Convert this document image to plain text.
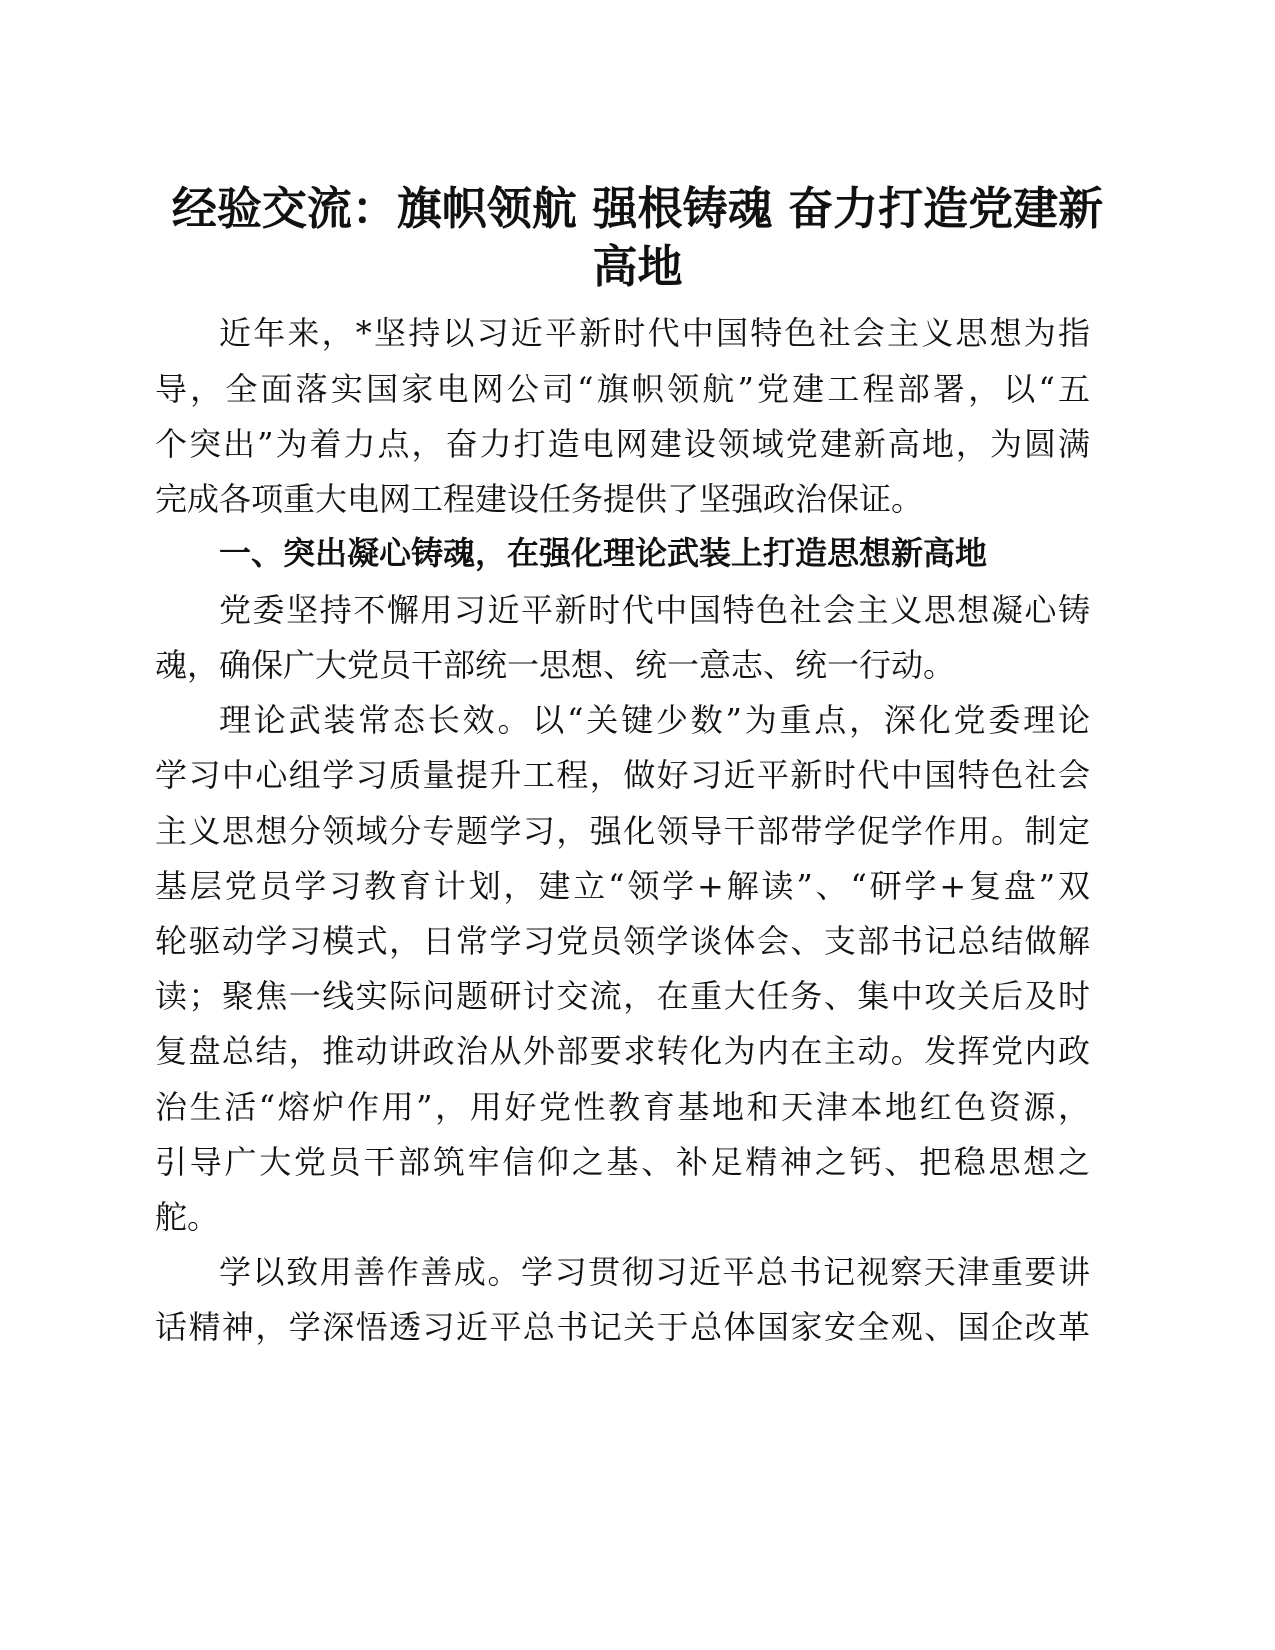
经验交流：旗帜领航 强根铸魂 奋力打造党建新
高地

近年来，*坚持以习近平新时代中国特色社会主义思想为指

导，全面落实国家电网公司“旗帜领航”党建工程部署，以“五

个突出”为着力点，奋力打造电网建设领域党建新高地，为圆满

完成各项重大电网工程建设任务提供了坚强政治保证。

一、突出凝心铸魂，在强化理论武装上打造思想新高地

党委坚持不懈用习近平新时代中国特色社会主义思想凝心铸

魂，确保广大党员干部统一思想、统一意志、统一行动。

理论武装常态长效。以“关键少数”为重点，深化党委理论

学习中心组学习质量提升工程，做好习近平新时代中国特色社会

主义思想分领域分专题学习，强化领导干部带学促学作用。制定

基层党员学习教育计划，建立“领学+解读”、“研学+复盘”双

轮驱动学习模式，日常学习党员领学谈体会、支部书记总结做解

读；聚焦一线实际问题研讨交流，在重大任务、集中攻关后及时

复盘总结，推动讲政治从外部要求转化为内在主动。发挥党内政

治生活“熔炉作用”，用好党性教育基地和天津本地红色资源，

引导广大党员干部筑牢信仰之基、补足精神之钙、把稳思想之

舵。

学以致用善作善成。学习贯彻习近平总书记视察天津重要讲

话精神，学深悟透习近平总书记关于总体国家安全观、国企改革
